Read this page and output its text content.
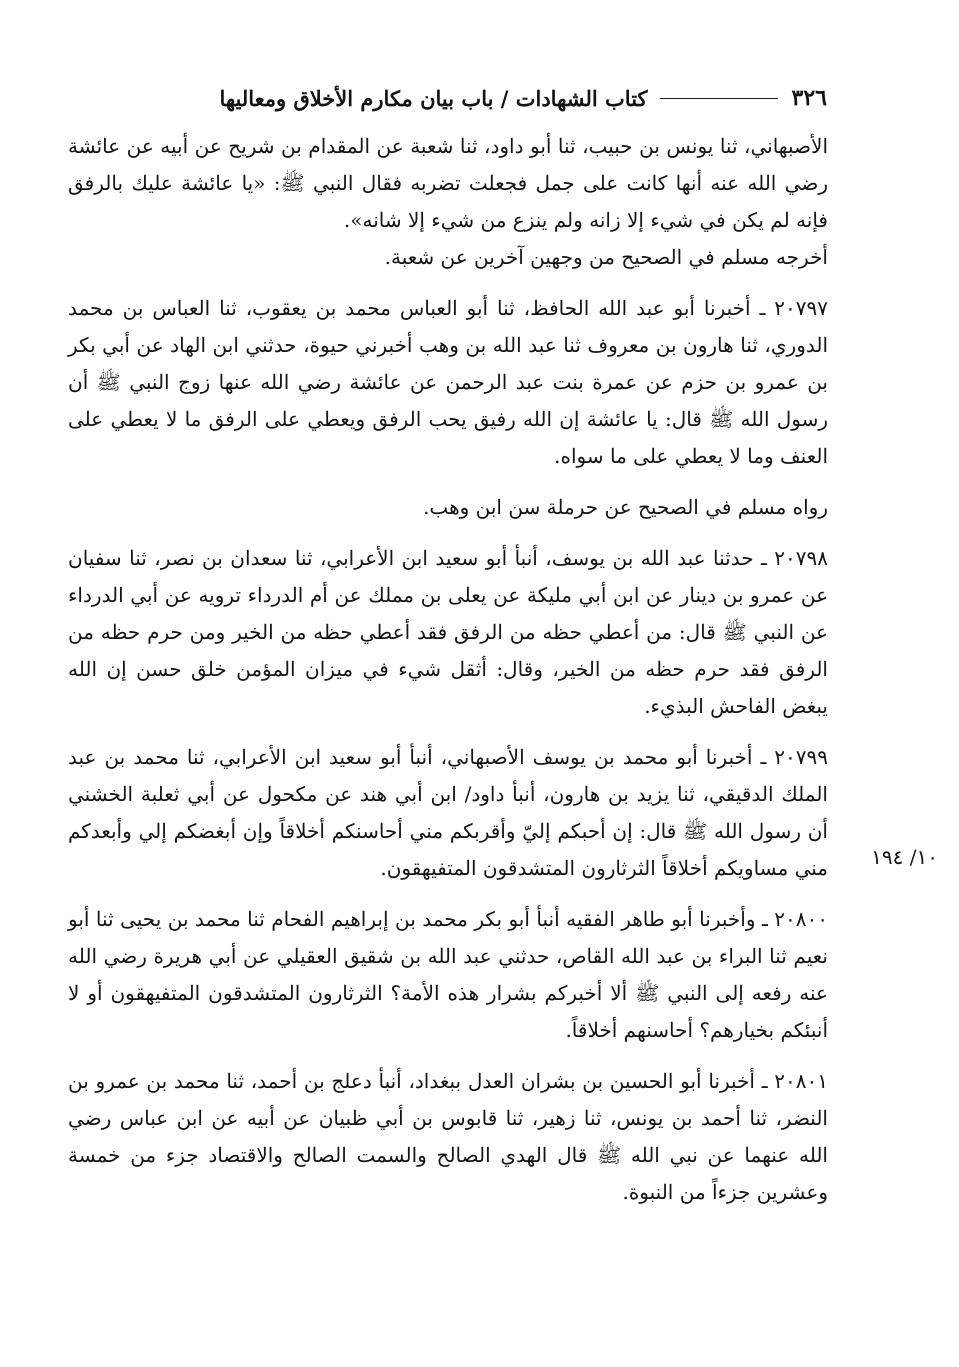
٣٢٦
كتاب الشهادات / باب بيان مكارم الأخلاق ومعاليها
١٠/ ١٩٤

الأصبهاني، ثنا يونس بن حبيب، ثنا أبو داود، ثنا شعبة عن المقدام بن شريح عن أبيه عن عائشة رضي الله عنه أنها كانت على جمل فجعلت تضربه فقال النبي ﷺ: «يا عائشة عليك بالرفق فإنه لم يكن في شيء إلا زانه ولم ينزع من شيء إلا شانه».

أخرجه مسلم في الصحيح من وجهين آخرين عن شعبة.

٢٠٧٩٧ ـ أخبرنا أبو عبد الله الحافظ، ثنا أبو العباس محمد بن يعقوب، ثنا العباس بن محمد الدوري، ثنا هارون بن معروف ثنا عبد الله بن وهب أخبرني حيوة، حدثني ابن الهاد عن أبي بكر بن عمرو بن حزم عن عمرة بنت عبد الرحمن عن عائشة رضي الله عنها زوج النبي ﷺ أن رسول الله ﷺ قال: يا عائشة إن الله رفيق يحب الرفق ويعطي على الرفق ما لا يعطي على العنف وما لا يعطي على ما سواه.

رواه مسلم في الصحيح عن حرملة سن ابن وهب.

٢٠٧٩٨ ـ حدثنا عبد الله بن يوسف، أنبأ أبو سعيد ابن الأعرابي، ثنا سعدان بن نصر، ثنا سفيان عن عمرو بن دينار عن ابن أبي مليكة عن يعلى بن مملك عن أم الدرداء ترويه عن أبي الدرداء عن النبي ﷺ قال: من أعطي حظه من الرفق فقد أعطي حظه من الخير ومن حرم حظه من الرفق فقد حرم حظه من الخير، وقال: أثقل شيء في ميزان المؤمن خلق حسن إن الله يبغض الفاحش البذيء.

٢٠٧٩٩ ـ أخبرنا أبو محمد بن يوسف الأصبهاني، أنبأ أبو سعيد ابن الأعرابي، ثنا محمد بن عبد الملك الدقيقي، ثنا يزيد بن هارون، أنبأ داود/ ابن أبي هند عن مكحول عن أبي ثعلبة الخشني أن رسول الله ﷺ قال: إن أحبكم إليّ وأقربكم مني أحاسنكم أخلاقاً وإن أبغضكم إلي وأبعدكم مني مساويكم أخلاقاً الثرثارون المتشدقون المتفيهقون.

٢٠٨٠٠ ـ وأخبرنا أبو طاهر الفقيه أنبأ أبو بكر محمد بن إبراهيم الفحام ثنا محمد بن يحيى ثنا أبو نعيم ثنا البراء بن عبد الله القاص، حدثني عبد الله بن شقيق العقيلي عن أبي هريرة رضي الله عنه رفعه إلى النبي ﷺ ألا أخبركم بشرار هذه الأمة؟ الثرثارون المتشدقون المتفيهقون أو لا أنبئكم بخيارهم؟ أحاسنهم أخلاقاً.

٢٠٨٠١ ـ أخبرنا أبو الحسين بن بشران العدل ببغداد، أنبأ دعلج بن أحمد، ثنا محمد بن عمرو بن النضر، ثنا أحمد بن يونس، ثنا زهير، ثنا قابوس بن أبي ظبيان عن أبيه عن ابن عباس رضي الله عنهما عن نبي الله ﷺ قال الهدي الصالح والسمت الصالح والاقتصاد جزء من خمسة وعشرين جزءاً من النبوة.
